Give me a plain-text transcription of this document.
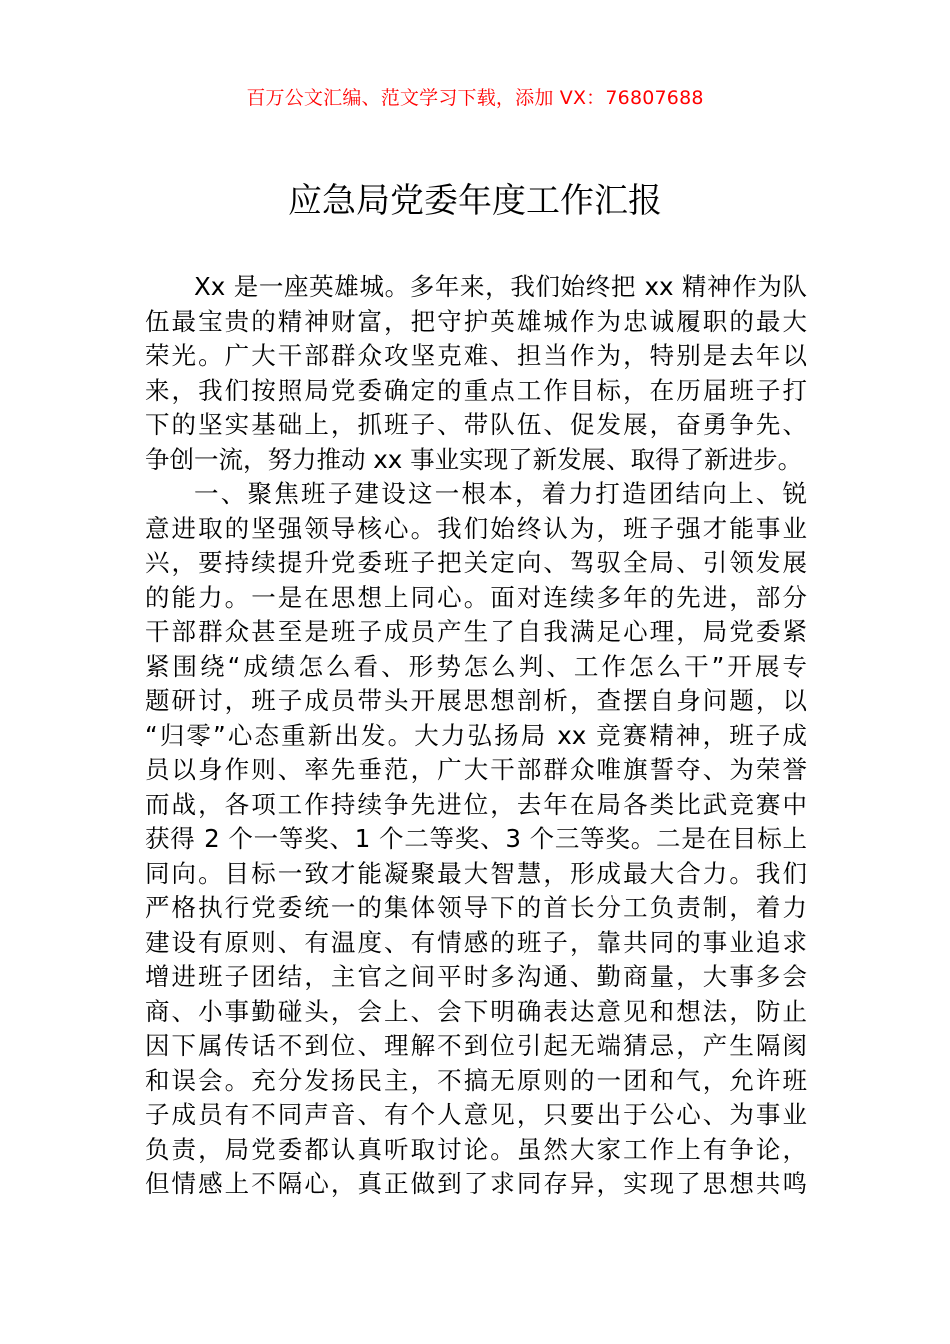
百万公文汇编、范文学习下载，添加 VX：76807688
应急局党委年度工作汇报
Xx 是一座英雄城。多年来，我们始终把 xx 精神作为队
伍最宝贵的精神财富，把守护英雄城作为忠诚履职的最大
荣光。广大干部群众攻坚克难、担当作为，特别是去年以
来，我们按照局党委确定的重点工作目标，在历届班子打
下的坚实基础上，抓班子、带队伍、促发展，奋勇争先、
争创一流，努力推动 xx 事业实现了新发展、取得了新进步。
一、聚焦班子建设这一根本，着力打造团结向上、锐
意进取的坚强领导核心。我们始终认为，班子强才能事业
兴，要持续提升党委班子把关定向、驾驭全局、引领发展
的能力。一是在思想上同心。面对连续多年的先进，部分
干部群众甚至是班子成员产生了自我满足心理，局党委紧
紧围绕“成绩怎么看、形势怎么判、工作怎么干”开展专
题研讨，班子成员带头开展思想剖析，查摆自身问题，以
“归零”心态重新出发。大力弘扬局 xx 竞赛精神，班子成
员以身作则、率先垂范，广大干部群众唯旗誓夺、为荣誉
而战，各项工作持续争先进位，去年在局各类比武竞赛中
获得 2 个一等奖、1 个二等奖、3 个三等奖。二是在目标上
同向。目标一致才能凝聚最大智慧，形成最大合力。我们
严格执行党委统一的集体领导下的首长分工负责制，着力
建设有原则、有温度、有情感的班子，靠共同的事业追求
增进班子团结，主官之间平时多沟通、勤商量，大事多会
商、小事勤碰头，会上、会下明确表达意见和想法，防止
因下属传话不到位、理解不到位引起无端猜忌，产生隔阂
和误会。充分发扬民主，不搞无原则的一团和气，允许班
子成员有不同声音、有个人意见，只要出于公心、为事业
负责，局党委都认真听取讨论。虽然大家工作上有争论，
但情感上不隔心，真正做到了求同存异，实现了思想共鸣
